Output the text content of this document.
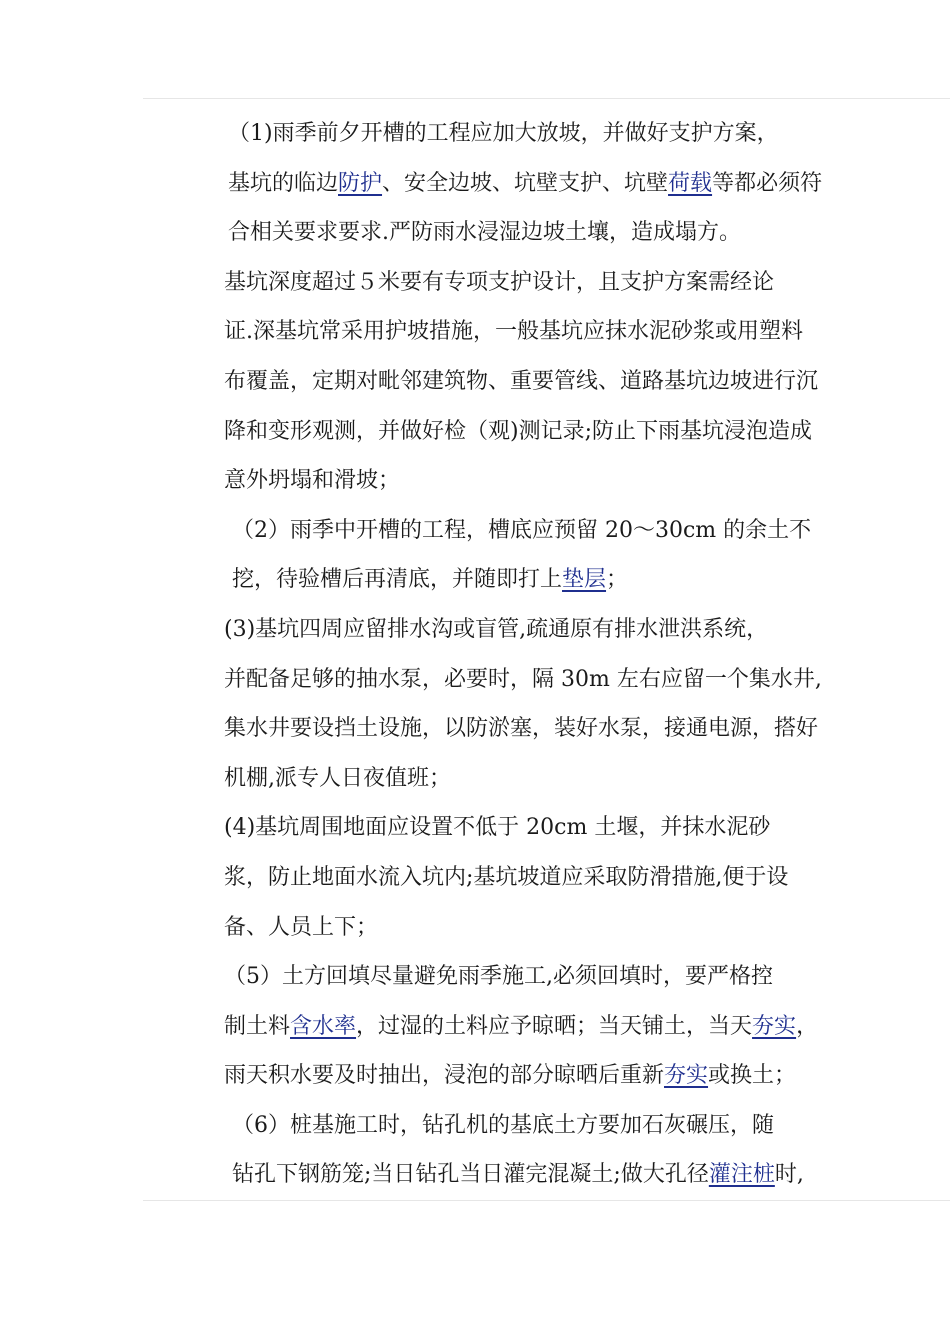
（1)雨季前夕开槽的工程应加大放坡，并做好支护方案，
基坑的临边防护、安全边坡、坑壁支护、坑壁荷载等都必须符
合相关要求要求.严防雨水浸湿边坡土壤，造成塌方。
基坑深度超过５米要有专项支护设计，且支护方案需经论
证.深基坑常采用护坡措施，一般基坑应抹水泥砂浆或用塑料
布覆盖，定期对毗邻建筑物、重要管线、道路基坑边坡进行沉
降和变形观测，并做好检（观)测记录;防止下雨基坑浸泡造成
意外坍塌和滑坡；
（2）雨季中开槽的工程，槽底应预留 20～30cm 的余土不
挖，待验槽后再清底，并随即打上垫层；
(3)基坑四周应留排水沟或盲管,疏通原有排水泄洪系统，
并配备足够的抽水泵，必要时，隔 30m 左右应留一个集水井,
集水井要设挡土设施，以防淤塞，装好水泵，接通电源，搭好
机棚,派专人日夜值班；
(4)基坑周围地面应设置不低于 20cm 土堰，并抹水泥砂
浆，防止地面水流入坑内;基坑坡道应采取防滑措施,便于设
备、人员上下；
（5）土方回填尽量避免雨季施工,必须回填时，要严格控
制土料含水率，过湿的土料应予晾晒；当天铺土，当天夯实，
雨天积水要及时抽出，浸泡的部分晾晒后重新夯实或换土；
（6）桩基施工时，钻孔机的基底土方要加石灰碾压，随
钻孔下钢筋笼;当日钻孔当日灌完混凝土;做大孔径灌注桩时,
